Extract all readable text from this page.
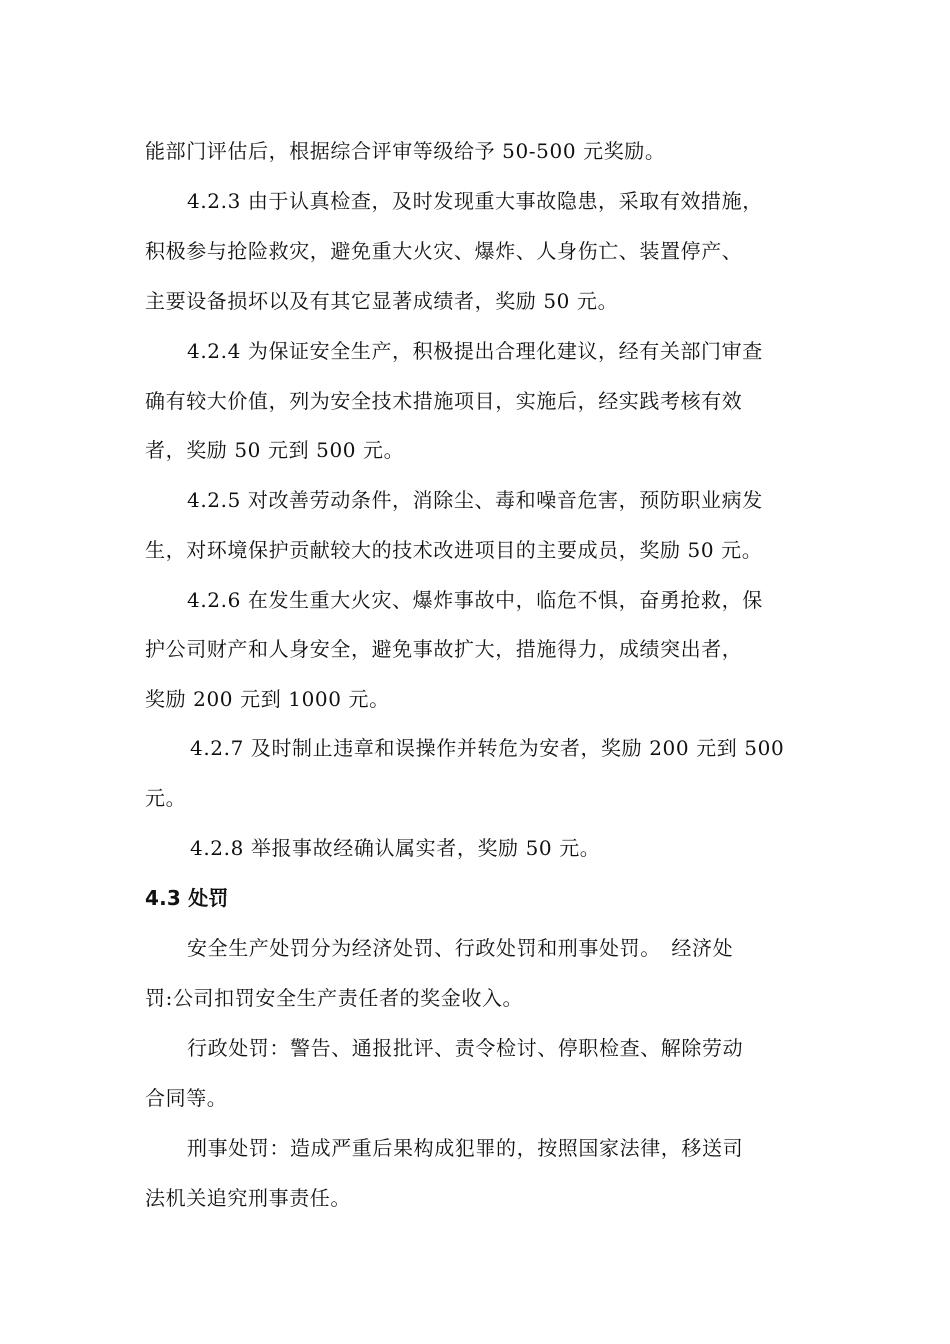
能部门评估后，根据综合评审等级给予 50-500 元奖励。
4.2.3 由于认真检查，及时发现重大事故隐患，采取有效措施，
积极参与抢险救灾，避免重大火灾、爆炸、人身伤亡、装置停产、
主要设备损坏以及有其它显著成绩者，奖励 50 元。
4.2.4 为保证安全生产，积极提出合理化建议，经有关部门审查
确有较大价值，列为安全技术措施项目，实施后，经实践考核有效
者，奖励 50 元到 500 元。
4.2.5 对改善劳动条件，消除尘、毒和噪音危害，预防职业病发
生，对环境保护贡献较大的技术改进项目的主要成员，奖励 50 元。
4.2.6 在发生重大火灾、爆炸事故中，临危不惧，奋勇抢救，保
护公司财产和人身安全，避免事故扩大，措施得力，成绩突出者，
奖励 200 元到 1000 元。
4.2.7 及时制止违章和误操作并转危为安者，奖励 200 元到 500
元。
4.2.8 举报事故经确认属实者，奖励 50 元。
4.3 处罚
安全生产处罚分为经济处罚、行政处罚和刑事处罚。　经济处
罚:公司扣罚安全生产责任者的奖金收入。
行政处罚：警告、通报批评、责令检讨、停职检查、解除劳动
合同等。
刑事处罚：造成严重后果构成犯罪的，按照国家法律，移送司
法机关追究刑事责任。
